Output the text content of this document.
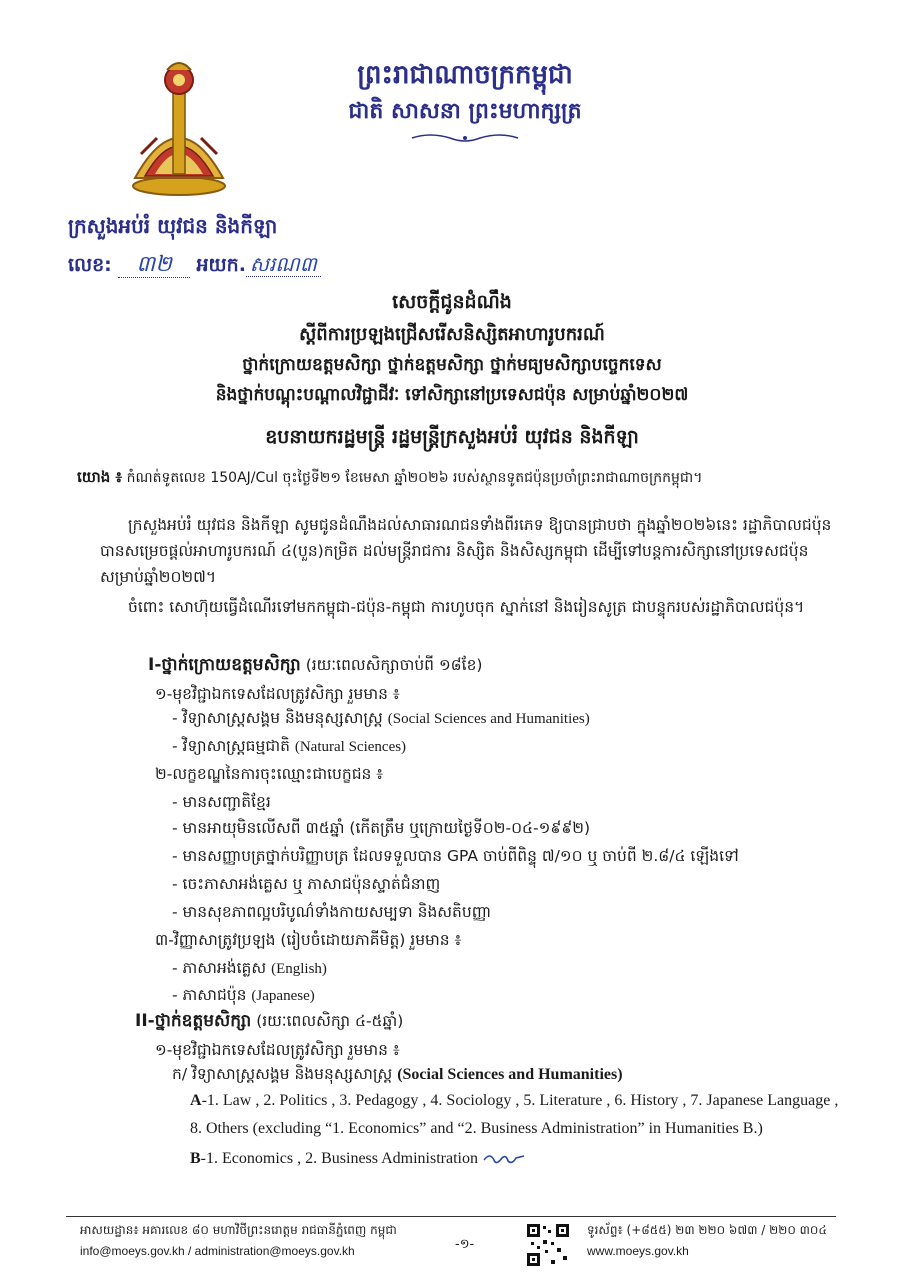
ព្រះរាជាណាចក្រកម្ពុជា
ជាតិ សាសនា ព្រះមហាក្សត្រ
ក្រសួងអប់រំ យុវជន និងកីឡា
លេខ: ៣២ អយក. សរណ៣
សេចក្តីជូនដំណឹង
ស្តីពីការប្រឡងជ្រើសរើសនិស្សិតអាហារូបករណ៍
ថ្នាក់ក្រោយឧត្តមសិក្សា ថ្នាក់ឧត្តមសិក្សា ថ្នាក់មធ្យមសិក្សាបច្ចេកទេស
និងថ្នាក់បណ្តុះបណ្តាលវិជ្ជាជីវៈ ទៅសិក្សានៅប្រទេសជប៉ុន សម្រាប់ឆ្នាំ២០២៧
ឧបនាយករដ្ឋមន្ត្រី រដ្ឋមន្ត្រីក្រសួងអប់រំ យុវជន និងកីឡា
យោង ៖ កំណត់ទូតលេខ 150AJ/Cul ចុះថ្ងៃទី២១ ខែមេសា ឆ្នាំ២០២៦ របស់ស្ថានទូតជប៉ុនប្រចាំព្រះរាជាណាចក្រកម្ពុជា។
ក្រសួងអប់រំ យុវជន និងកីឡា សូមជូនដំណឹងដល់សាធារណជនទាំងពីរភេទ ឱ្យបានជ្រាបថា ក្នុងឆ្នាំ២០២៦នេះ រដ្ឋាភិបាលជប៉ុន បានសម្រេចផ្តល់អាហារូបករណ៍ ៤(បួន)កម្រិត ដល់មន្ត្រីរាជការ និស្សិត និងសិស្សកម្ពុជា ដើម្បីទៅបន្តការសិក្សានៅប្រទេសជប៉ុន សម្រាប់ឆ្នាំ២០២៧។
ចំពោះ សោហ៊ុយធ្វើដំណើរទៅមកកម្ពុជា-ជប៉ុន-កម្ពុជា ការហូបចុក ស្នាក់នៅ និងរៀនសូត្រ ជាបន្ទុករបស់រដ្ឋាភិបាលជប៉ុន។
I-ថ្នាក់ក្រោយឧត្តមសិក្សា (រយៈពេលសិក្សាចាប់ពី ១៨ខែ)
១-មុខវិជ្ជាឯកទេសដែលត្រូវសិក្សា រួមមាន ៖
- វិទ្យាសាស្ត្រសង្គម និងមនុស្សសាស្ត្រ (Social Sciences and Humanities)
- វិទ្យាសាស្ត្រធម្មជាតិ (Natural Sciences)
២-លក្ខខណ្ឌនៃការចុះឈ្មោះជាបេក្ខជន ៖
- មានសញ្ជាតិខ្មែរ
- មានអាយុមិនលើសពី ៣៥ឆ្នាំ (កើតត្រឹម ឬក្រោយថ្ងៃទី០២-០៤-១៩៩២)
- មានសញ្ញាបត្រថ្នាក់បរិញ្ញាបត្រ ដែលទទួលបាន GPA ចាប់ពីពិន្ទុ ៧/១០ ឬ ចាប់ពី ២.៨/៤ ឡើងទៅ
- ចេះភាសាអង់គ្លេស ឬ ភាសាជប៉ុនស្ទាត់ជំនាញ
- មានសុខភាពល្អបរិបូណ៌ទាំងកាយសម្បទា និងសតិបញ្ញា
៣-វិញ្ញាសាត្រូវប្រឡង (រៀបចំដោយភាគីមិត្ត) រួមមាន ៖
- ភាសាអង់គ្លេស (English)
- ភាសាជប៉ុន (Japanese)
II-ថ្នាក់ឧត្តមសិក្សា (រយៈពេលសិក្សា ៤-៥ឆ្នាំ)
១-មុខវិជ្ជាឯកទេសដែលត្រូវសិក្សា រួមមាន ៖
ក/ វិទ្យាសាស្ត្រសង្គម និងមនុស្សសាស្ត្រ (Social Sciences and Humanities)
A-1. Law , 2. Politics , 3. Pedagogy , 4. Sociology , 5. Literature , 6. History , 7. Japanese Language ,
8. Others (excluding “1. Economics” and “2. Business Administration” in Humanities B.)
B-1. Economics , 2. Business Administration
អាសយដ្ឋាន៖ អគារលេខ ៨០ មហាវិថីព្រះនរោត្តម រាជធានីភ្នំពេញ កម្ពុជា
info@moeys.gov.kh / administration@moeys.gov.kh	-១-
ទូរស័ព្ទ៖ (+៨៥៥) ២៣ ២២០ ៦៧៣ / ២២០ ៣០៤
www.moeys.gov.kh
